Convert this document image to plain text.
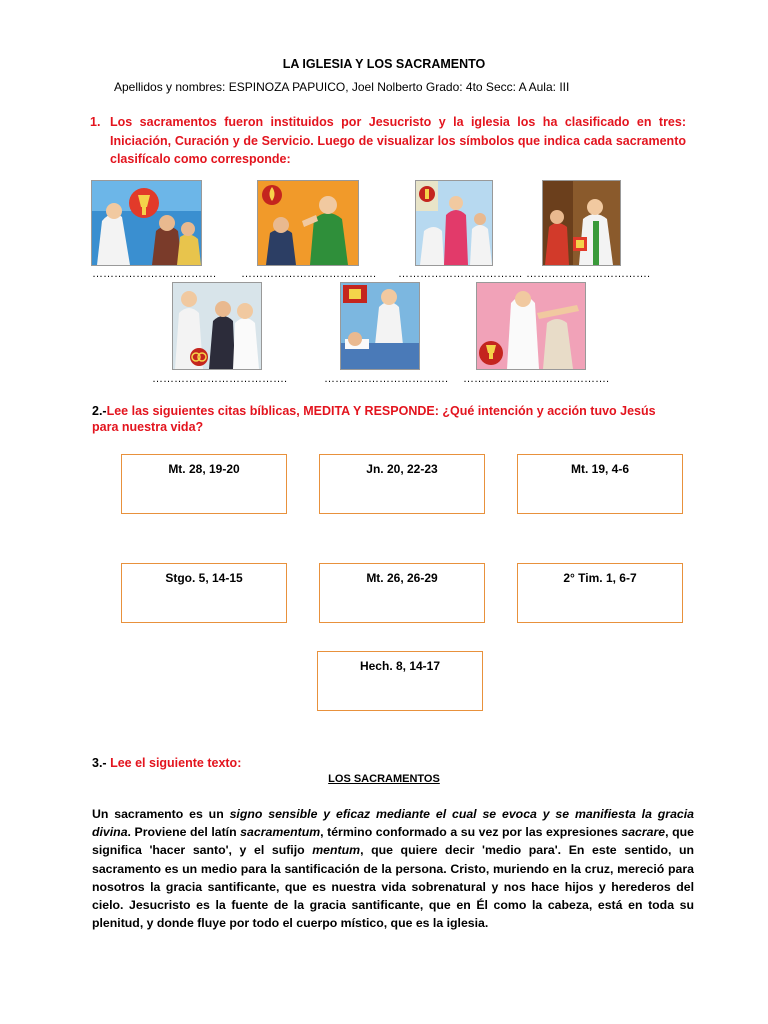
LA IGLESIA Y LOS SACRAMENTO
Apellidos y nombres: ESPINOZA PAPUICO, Joel Nolberto Grado: 4to Secc: A Aula: III
1. Los sacramentos fueron instituidos por Jesucristo y la iglesia los ha clasificado en tres: Iniciación, Curación y de Servicio. Luego de visualizar los símbolos que indica cada sacramento clasifícalo como corresponde:
……………………………. ………………………………. ……………………………. …………………………….
……………………………….	……………………………. ………………………………….
2.-Lee las siguientes citas bíblicas, MEDITA Y RESPONDE: ¿Qué intención y acción tuvo Jesús para nuestra vida?
Mt. 28, 19-20	Jn. 20, 22-23	Mt. 19, 4-6
Stgo. 5, 14-15	Mt. 26, 26-29	2° Tim. 1, 6-7
Hech. 8, 14-17
3.- Lee el siguiente texto:
LOS SACRAMENTOS
Un sacramento es un signo sensible y eficaz mediante el cual se evoca y se manifiesta la gracia divina. Proviene del latín sacramentum, término conformado a su vez por las expresiones sacrare, que significa 'hacer santo', y el sufijo mentum, que quiere decir 'medio para'. En este sentido, un sacramento es un medio para la santificación de la persona. Cristo, muriendo en la cruz, mereció para nosotros la gracia santificante, que es nuestra vida sobrenatural y nos hace hijos y herederos del cielo. Jesucristo es la fuente de la gracia santificante, que en Él como la cabeza, está en toda su plenitud, y donde fluye por todo el cuerpo místico, que es la iglesia.
